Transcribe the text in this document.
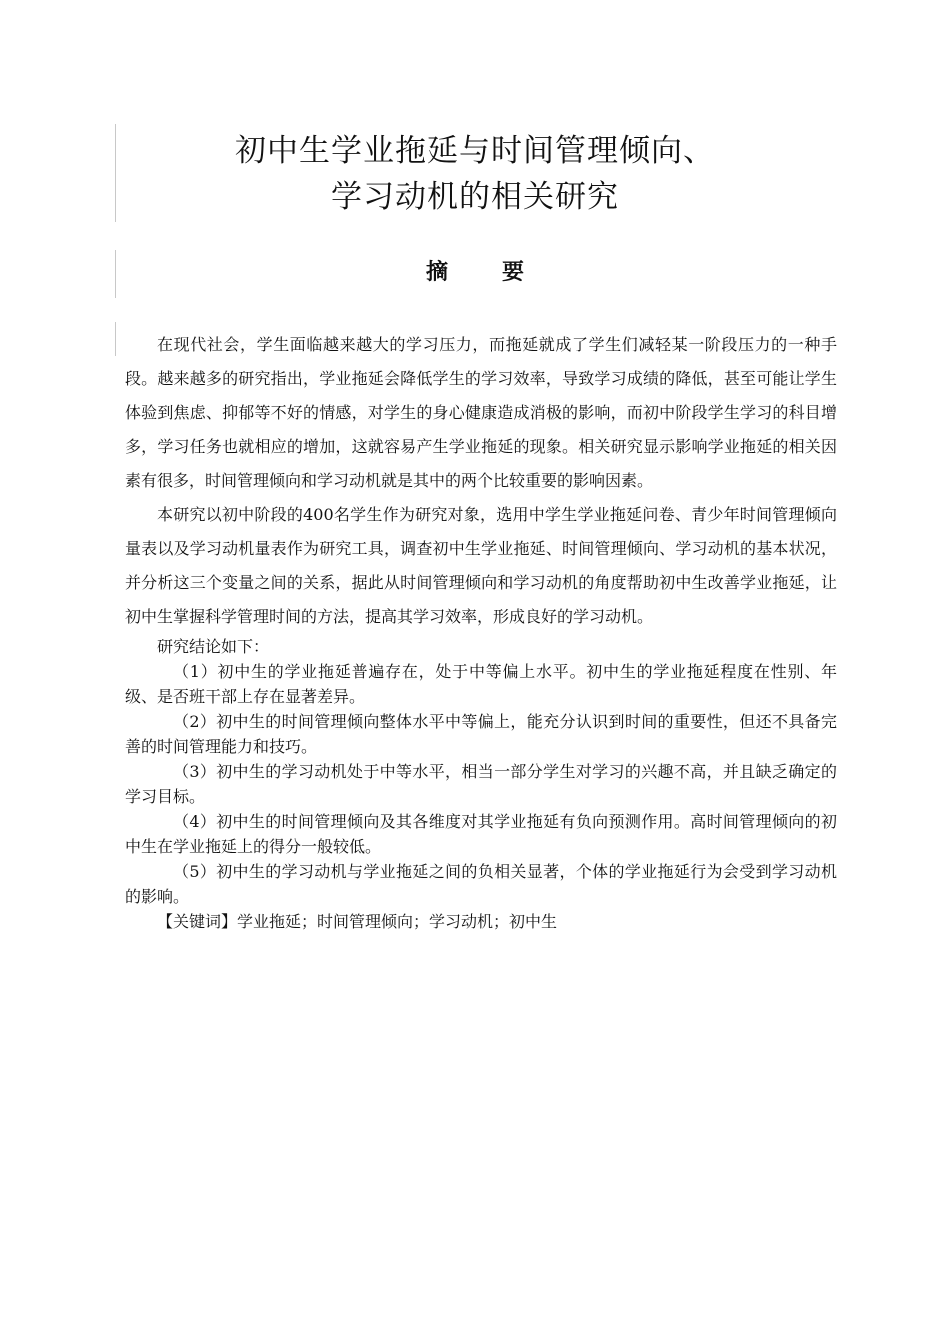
初中生学业拖延与时间管理倾向、
学习动机的相关研究
摘要

在现代社会，学生面临越来越大的学习压力，而拖延就成了学生们减轻某一阶段压力的一种手段。越来越多的研究指出，学业拖延会降低学生的学习效率，导致学习成绩的降低，甚至可能让学生体验到焦虑、抑郁等不好的情感，对学生的身心健康造成消极的影响，而初中阶段学生学习的科目增多，学习任务也就相应的增加，这就容易产生学业拖延的现象。相关研究显示影响学业拖延的相关因素有很多，时间管理倾向和学习动机就是其中的两个比较重要的影响因素。

本研究以初中阶段的400名学生作为研究对象，选用中学生学业拖延问卷、青少年时间管理倾向量表以及学习动机量表作为研究工具，调查初中生学业拖延、时间管理倾向、学习动机的基本状况，并分析这三个变量之间的关系，据此从时间管理倾向和学习动机的角度帮助初中生改善学业拖延，让初中生掌握科学管理时间的方法，提高其学习效率，形成良好的学习动机。

研究结论如下：

（1）初中生的学业拖延普遍存在，处于中等偏上水平。初中生的学业拖延程度在性别、年级、是否班干部上存在显著差异。

（2）初中生的时间管理倾向整体水平中等偏上，能充分认识到时间的重要性，但还不具备完善的时间管理能力和技巧。

（3）初中生的学习动机处于中等水平，相当一部分学生对学习的兴趣不高，并且缺乏确定的学习目标。

（4）初中生的时间管理倾向及其各维度对其学业拖延有负向预测作用。高时间管理倾向的初中生在学业拖延上的得分一般较低。

（5）初中生的学习动机与学业拖延之间的负相关显著，个体的学业拖延行为会受到学习动机的影响。

【关键词】学业拖延；时间管理倾向；学习动机；初中生
